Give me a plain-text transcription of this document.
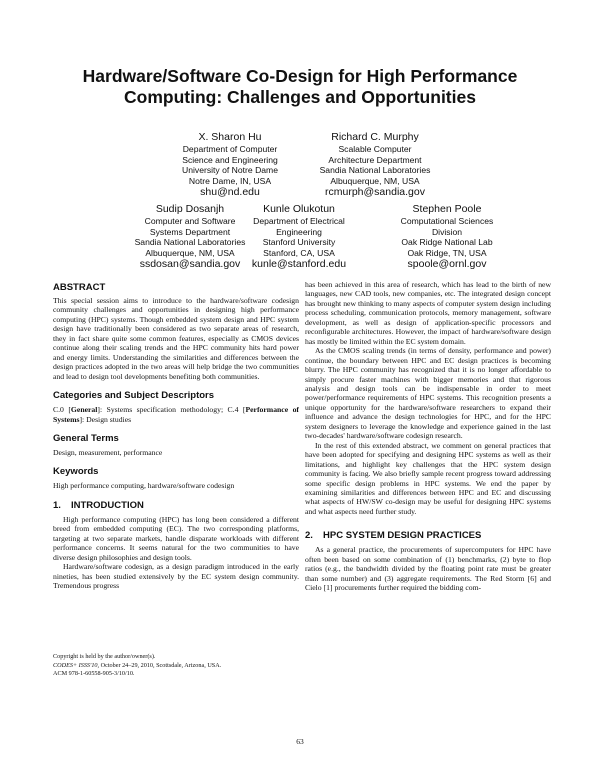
Hardware/Software Co-Design for High Performance
Computing: Challenges and Opportunities
X. Sharon Hu
Department of Computer
Science and Engineering
University of Notre Dame
Notre Dame, IN, USA
shu@nd.edu
Richard C. Murphy
Scalable Computer
Architecture Department
Sandia National Laboratories
Albuquerque, NM, USA
rcmurph@sandia.gov
Sudip Dosanjh
Computer and Software
Systems Department
Sandia National Laboratories
Albuquerque, NM, USA
ssdosan@sandia.gov
Kunle Olukotun
Department of Electrical
Engineering
Stanford University
Stanford, CA, USA
kunle@stanford.edu
Stephen Poole
Computational Sciences
Division
Oak Ridge National Lab
Oak Ridge, TN, USA
spoole@ornl.gov
ABSTRACT

This special session aims to introduce to the hardware/software codesign community challenges and opportunities in designing high performance computing (HPC) systems. Though embedded system design and HPC system design have traditionally been considered as two separate areas of research, they in fact share quite some common features, especially as CMOS devices continue along their scaling trends and the HPC community hits hard power and energy limits. Understanding the similarities and differences between the design practices adopted in the two areas will help bridge the two communities and lead to design tool developments benefiting both communities.

Categories and Subject Descriptors

C.0 [General]: Systems specification methodology; C.4 [Performance of Systems]: Design studies

General Terms

Design, measurement, performance

Keywords

High performance computing, hardware/software codesign

1. INTRODUCTION

High performance computing (HPC) has long been considered a different breed from embedded computing (EC). The two corresponding platforms, targeting at two separate markets, handle disparate workloads with different performance concerns. It seems natural for the two communities to have diverse design philosophies and design tools.

Hardware/software codesign, as a design paradigm introduced in the early nineties, has been studied extensively by the EC system design community. Tremendous progress

Copyright is held by the author/owner(s).
CODES+ ISSS'10, October 24–29, 2010, Scottsdale, Arizona, USA.
ACM 978-1-60558-905-3/10/10.

has been achieved in this area of research, which has lead to the birth of new languages, new CAD tools, new companies, etc. The integrated design concept has brought new thinking to many aspects of computer system design including process scheduling, communication protocols, memory management, software development, as well as design of application-specific processors and reconfigurable architectures. However, the impact of hardware/software design has mostly be limited within the EC system domain.

As the CMOS scaling trends (in terms of density, performance and power) continue, the boundary between HPC and EC design practices is becoming blurry. The HPC community has recognized that it is no longer affordable to simply procure faster machines with bigger memories and that rigorous analysis and design tools can be indispensable in order to meet power/performance requirements of HPC systems. This recognition presents a unique opportunity for the hardware/software researchers to expand their influence and advance the design technologies for HPC, and for the HPC system designers to leverage the knowledge and experience gained in the last two-decades' hardware/software codesign research.

In the rest of this extended abstract, we comment on general practices that have been adopted for specifying and designing HPC systems as well as their limitations, and highlight key challenges that the HPC system design community is facing. We also briefly sample recent progress toward addressing some specific design problems in HPC systems. We end the paper by examining similarities and differences between HPC and EC and discussing what aspects of HW/SW co-design may be useful for designing HPC systems and what aspects need further study.

2. HPC SYSTEM DESIGN PRACTICES

As a general practice, the procurements of supercomputers for HPC have often been based on some combination of (1) benchmarks, (2) byte to flop ratios (e.g., the bandwidth divided by the floating point rate must be greater than some number) and (3) aggregate requirements. The Red Storm [6] and Cielo [1] procurements further required the bidding com-

63
